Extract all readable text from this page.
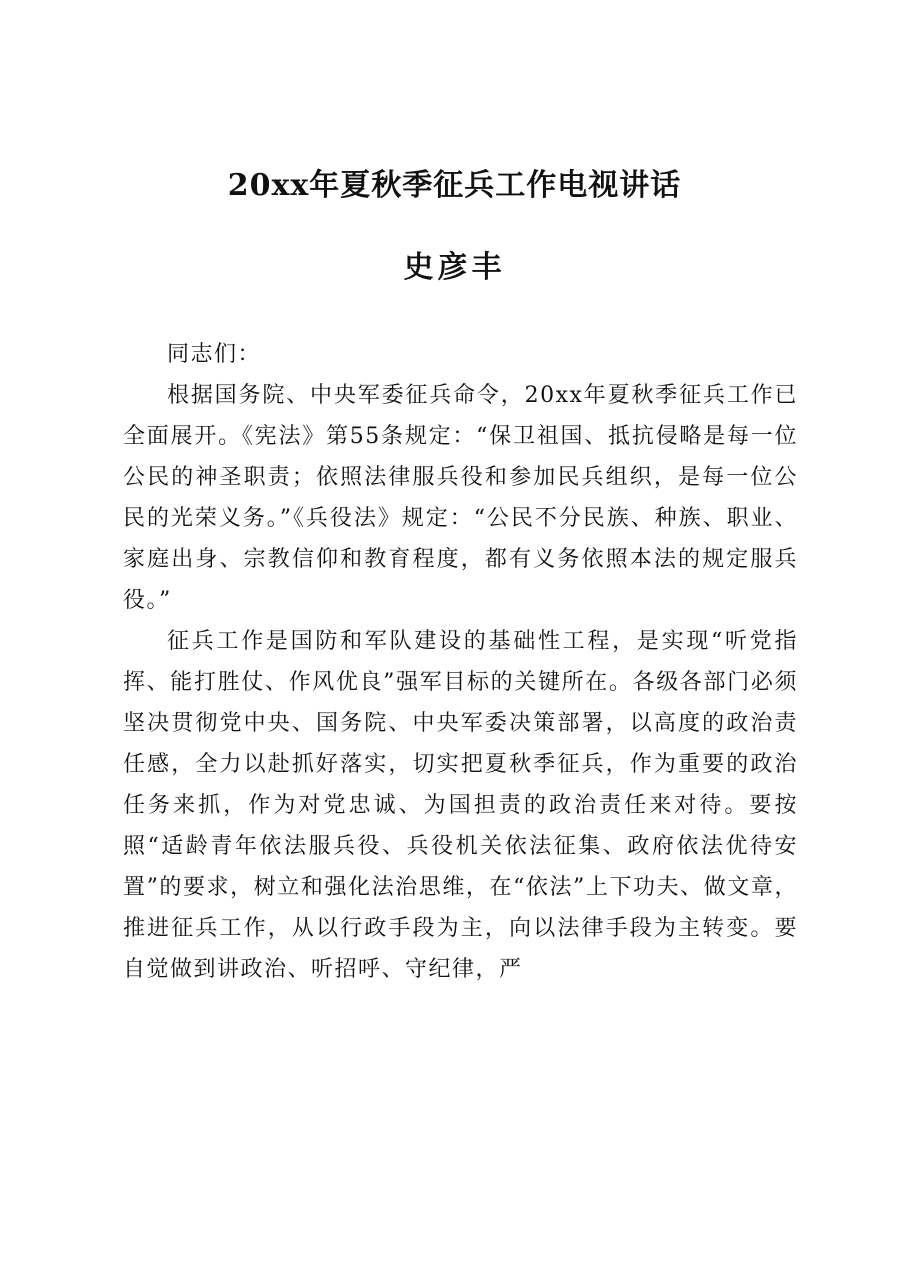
20xx年夏秋季征兵工作电视讲话
史彦丰

同志们：

根据国务院、中央军委征兵命令，20xx年夏秋季征兵工作已全面展开。《宪法》第55条规定：“保卫祖国、抵抗侵略是每一位公民的神圣职责；依照法律服兵役和参加民兵组织，是每一位公民的光荣义务。”《兵役法》规定：“公民不分民族、种族、职业、家庭出身、宗教信仰和教育程度，都有义务依照本法的规定服兵役。”

征兵工作是国防和军队建设的基础性工程，是实现“听党指挥、能打胜仗、作风优良”强军目标的关键所在。各级各部门必须坚决贯彻党中央、国务院、中央军委决策部署，以高度的政治责任感，全力以赴抓好落实，切实把夏秋季征兵，作为重要的政治任务来抓，作为对党忠诚、为国担责的政治责任来对待。要按照“适龄青年依法服兵役、兵役机关依法征集、政府依法优待安置”的要求，树立和强化法治思维，在“依法”上下功夫、做文章，推进征兵工作，从以行政手段为主，向以法律手段为主转变。要自觉做到讲政治、听招呼、守纪律，严
